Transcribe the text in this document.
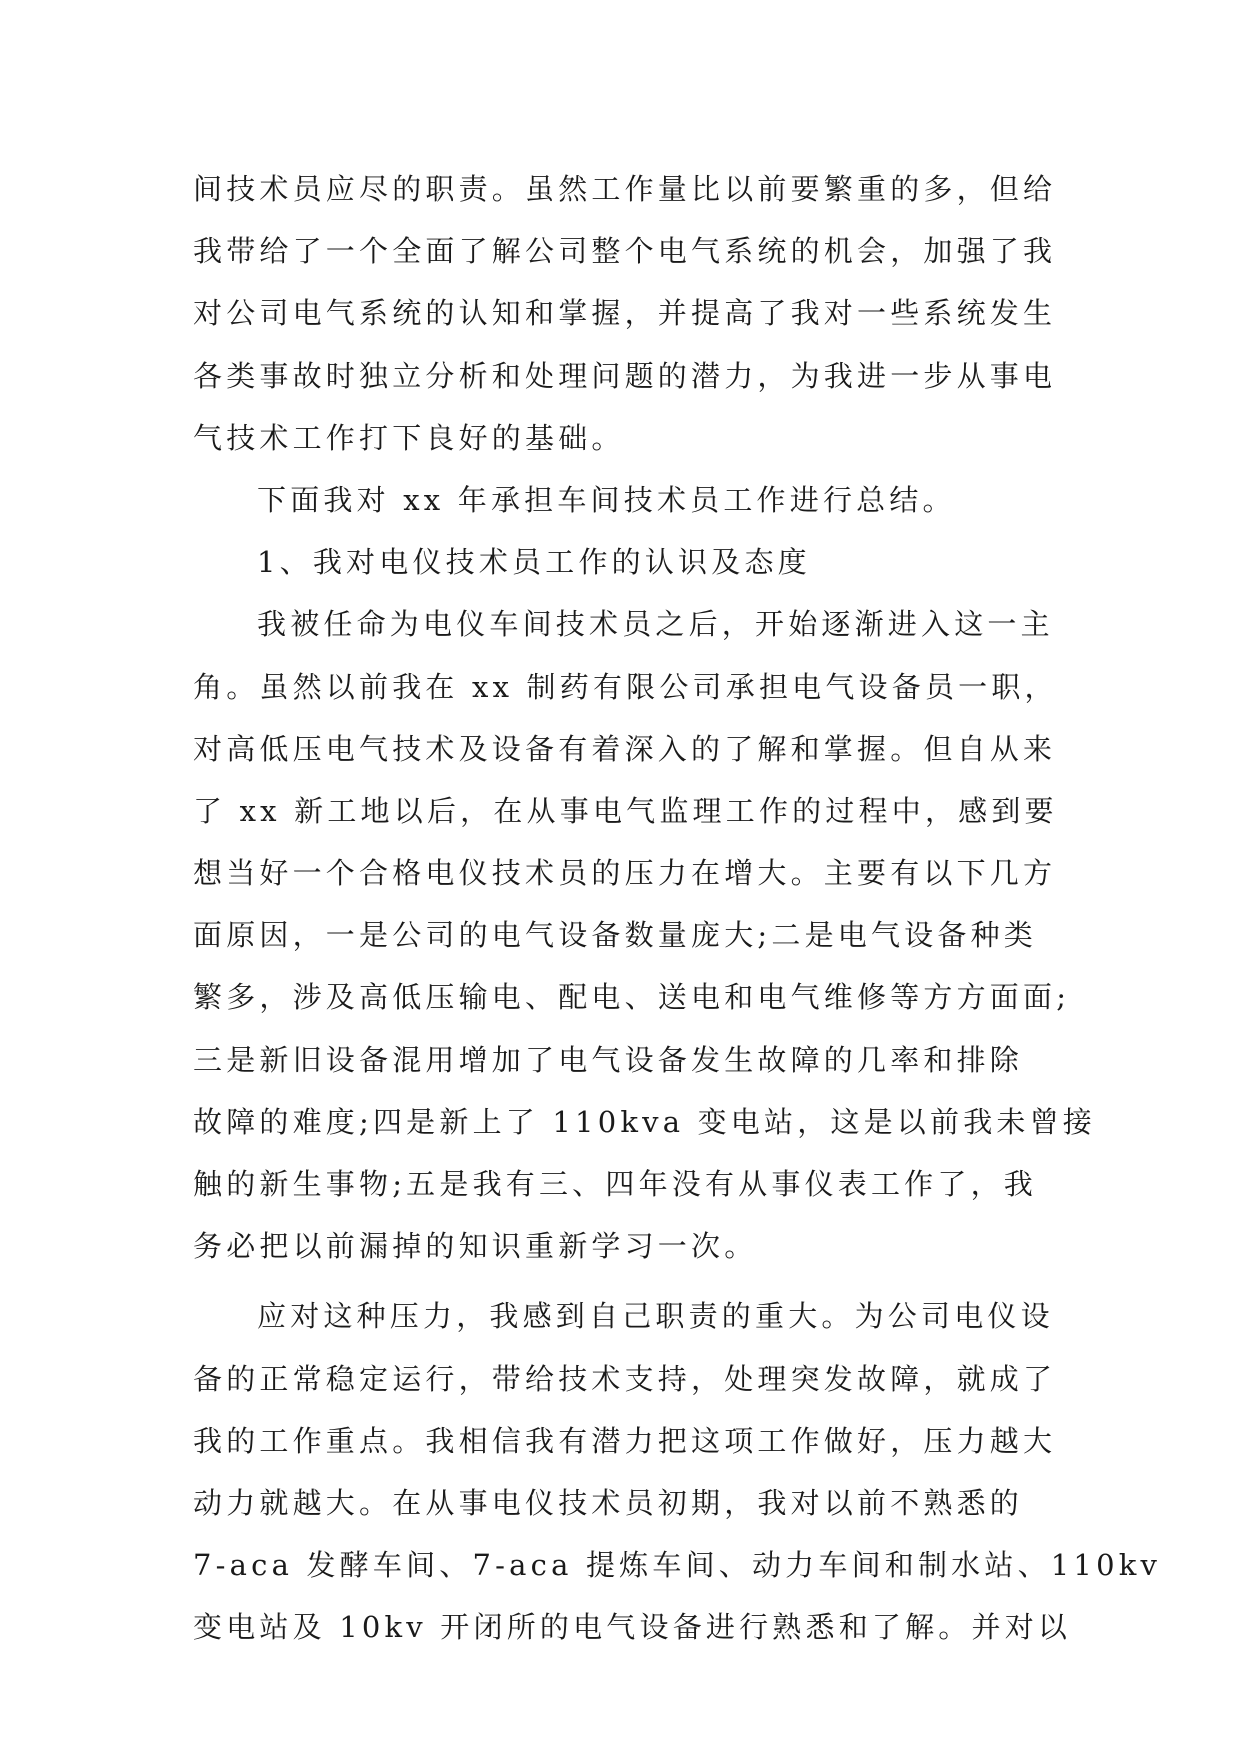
间技术员应尽的职责。虽然工作量比以前要繁重的多，但给
我带给了一个全面了解公司整个电气系统的机会，加强了我
对公司电气系统的认知和掌握，并提高了我对一些系统发生
各类事故时独立分析和处理问题的潜力，为我进一步从事电
气技术工作打下良好的基础。
下面我对 xx 年承担车间技术员工作进行总结。
1、我对电仪技术员工作的认识及态度
我被任命为电仪车间技术员之后，开始逐渐进入这一主
角。虽然以前我在 xx 制药有限公司承担电气设备员一职，
对高低压电气技术及设备有着深入的了解和掌握。但自从来
了 xx 新工地以后，在从事电气监理工作的过程中，感到要
想当好一个合格电仪技术员的压力在增大。主要有以下几方
面原因，一是公司的电气设备数量庞大;二是电气设备种类
繁多，涉及高低压输电、配电、送电和电气维修等方方面面;
三是新旧设备混用增加了电气设备发生故障的几率和排除
故障的难度;四是新上了 110kva 变电站，这是以前我未曾接
触的新生事物;五是我有三、四年没有从事仪表工作了，我
务必把以前漏掉的知识重新学习一次。
应对这种压力，我感到自己职责的重大。为公司电仪设
备的正常稳定运行，带给技术支持，处理突发故障，就成了
我的工作重点。我相信我有潜力把这项工作做好，压力越大
动力就越大。在从事电仪技术员初期，我对以前不熟悉的
7-aca 发酵车间、7-aca 提炼车间、动力车间和制水站、110kv
变电站及 10kv 开闭所的电气设备进行熟悉和了解。并对以
